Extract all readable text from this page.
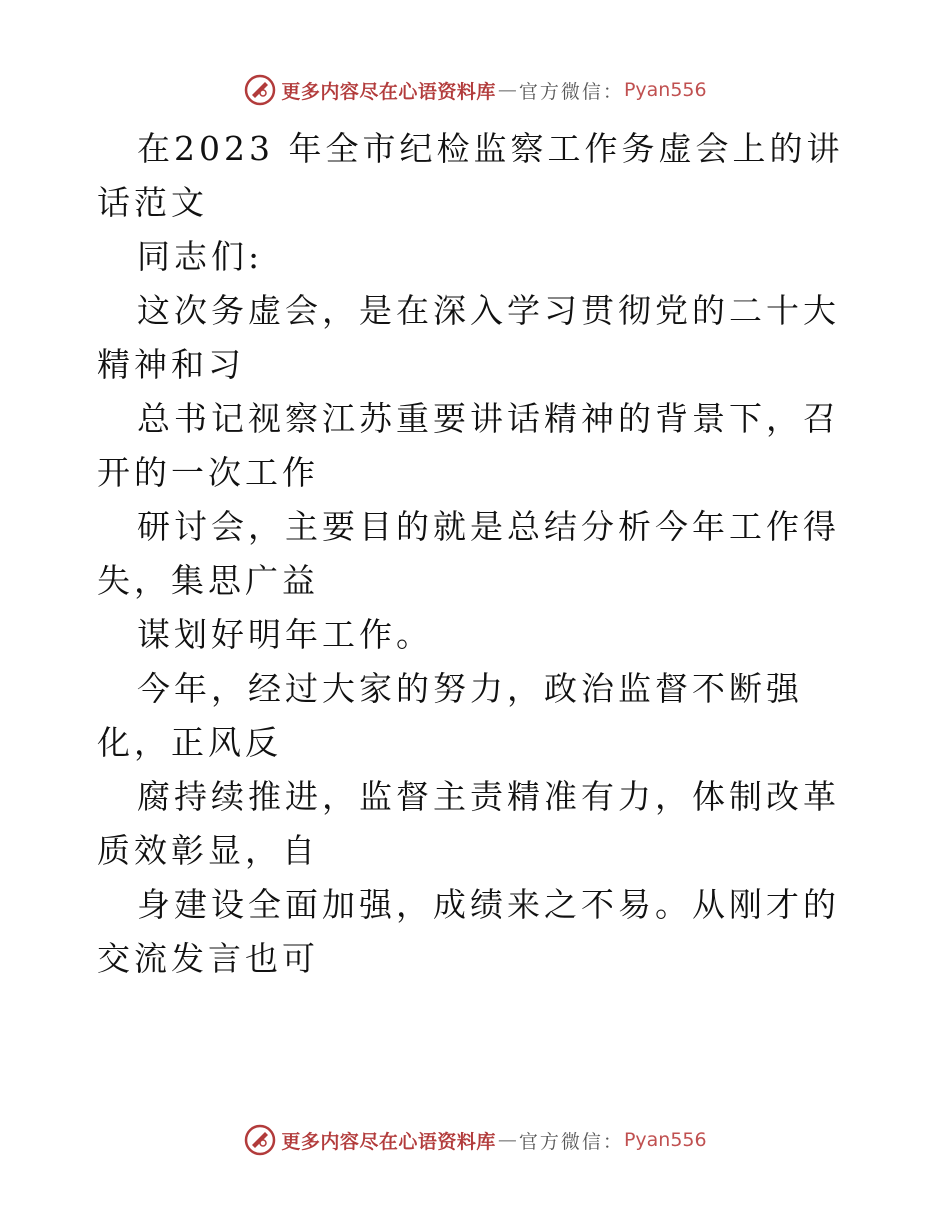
更多内容尽在心语资料库 — 官方微信： Pyan556

在2023 年全市纪检监察工作务虚会上的讲话范文

同志们:

这次务虚会，是在深入学习贯彻党的二十大精神和习

总书记视察江苏重要讲话精神的背景下，召开的一次工作

研讨会，主要目的就是总结分析今年工作得失，集思广益

谋划好明年工作。

今年，经过大家的努力，政治监督不断强化，正风反

腐持续推进，监督主责精准有力，体制改革质效彰显，自

身建设全面加强，成绩来之不易。从刚才的交流发言也可

更多内容尽在心语资料库 — 官方微信： Pyan556
